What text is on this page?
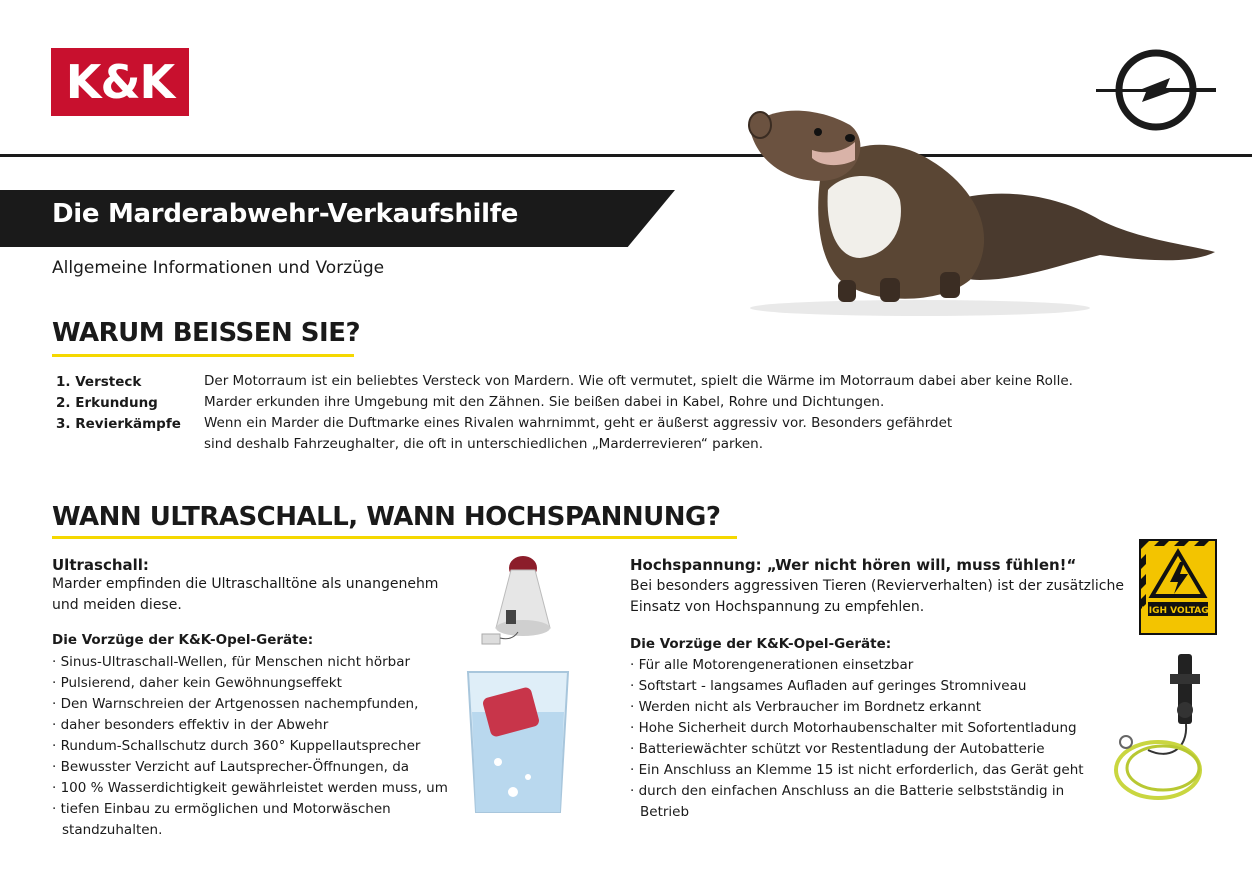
K&K
Die Marderabwehr-Verkaufshilfe
Allgemeine Informationen und Vorzüge
WARUM BEISSEN SIE?
1. Versteck	Der Motorraum ist ein beliebtes Versteck von Mardern. Wie oft vermutet, spielt die Wärme im Motorraum dabei aber keine Rolle.
2. Erkundung	Marder erkunden ihre Umgebung mit den Zähnen. Sie beißen dabei in Kabel, Rohre und Dichtungen.
3. Revierkämpfe Wenn ein Marder die Duftmarke eines Rivalen wahrnimmt, geht er äußerst aggressiv vor. Besonders gefährdet
sind deshalb Fahrzeughalter, die oft in unterschiedlichen „Marderrevieren“ parken.
WANN ULTRASCHALL, WANN HOCHSPANNUNG?
Ultraschall:
Marder empfinden die Ultraschalltöne als unangenehm
und meiden diese.
Die Vorzüge der K&K-Opel-Geräte:
· Sinus-Ultraschall-Wellen, für Menschen nicht hörbar
· Pulsierend, daher kein Gewöhnungseffekt
· Den Warnschreien der Artgenossen nachempfunden,
· daher besonders effektiv in der Abwehr
· Rundum-Schallschutz durch 360° Kuppellautsprecher
· Bewusster Verzicht auf Lautsprecher-Öffnungen, da
· 100 % Wasserdichtigkeit gewährleistet werden muss, um
· tiefen Einbau zu ermöglichen und Motorwäschen standzuhalten.
Hochspannung: „Wer nicht hören will, muss fühlen!“
Bei besonders aggressiven Tieren (Revierverhalten) ist der zusätzliche
Einsatz von Hochspannung zu empfehlen.
Die Vorzüge der K&K-Opel-Geräte:
· Für alle Motorengenerationen einsetzbar
· Softstart - langsames Aufladen auf geringes Stromniveau
· Werden nicht als Verbraucher im Bordnetz erkannt
· Hohe Sicherheit durch Motorhaubenschalter mit Sofortentladung
· Batteriewächter schützt vor Restentladung der Autobatterie
· Ein Anschluss an Klemme 15 ist nicht erforderlich, das Gerät geht
· durch den einfachen Anschluss an die Batterie selbstständig in Betrieb
HIGH VOLTAGE
